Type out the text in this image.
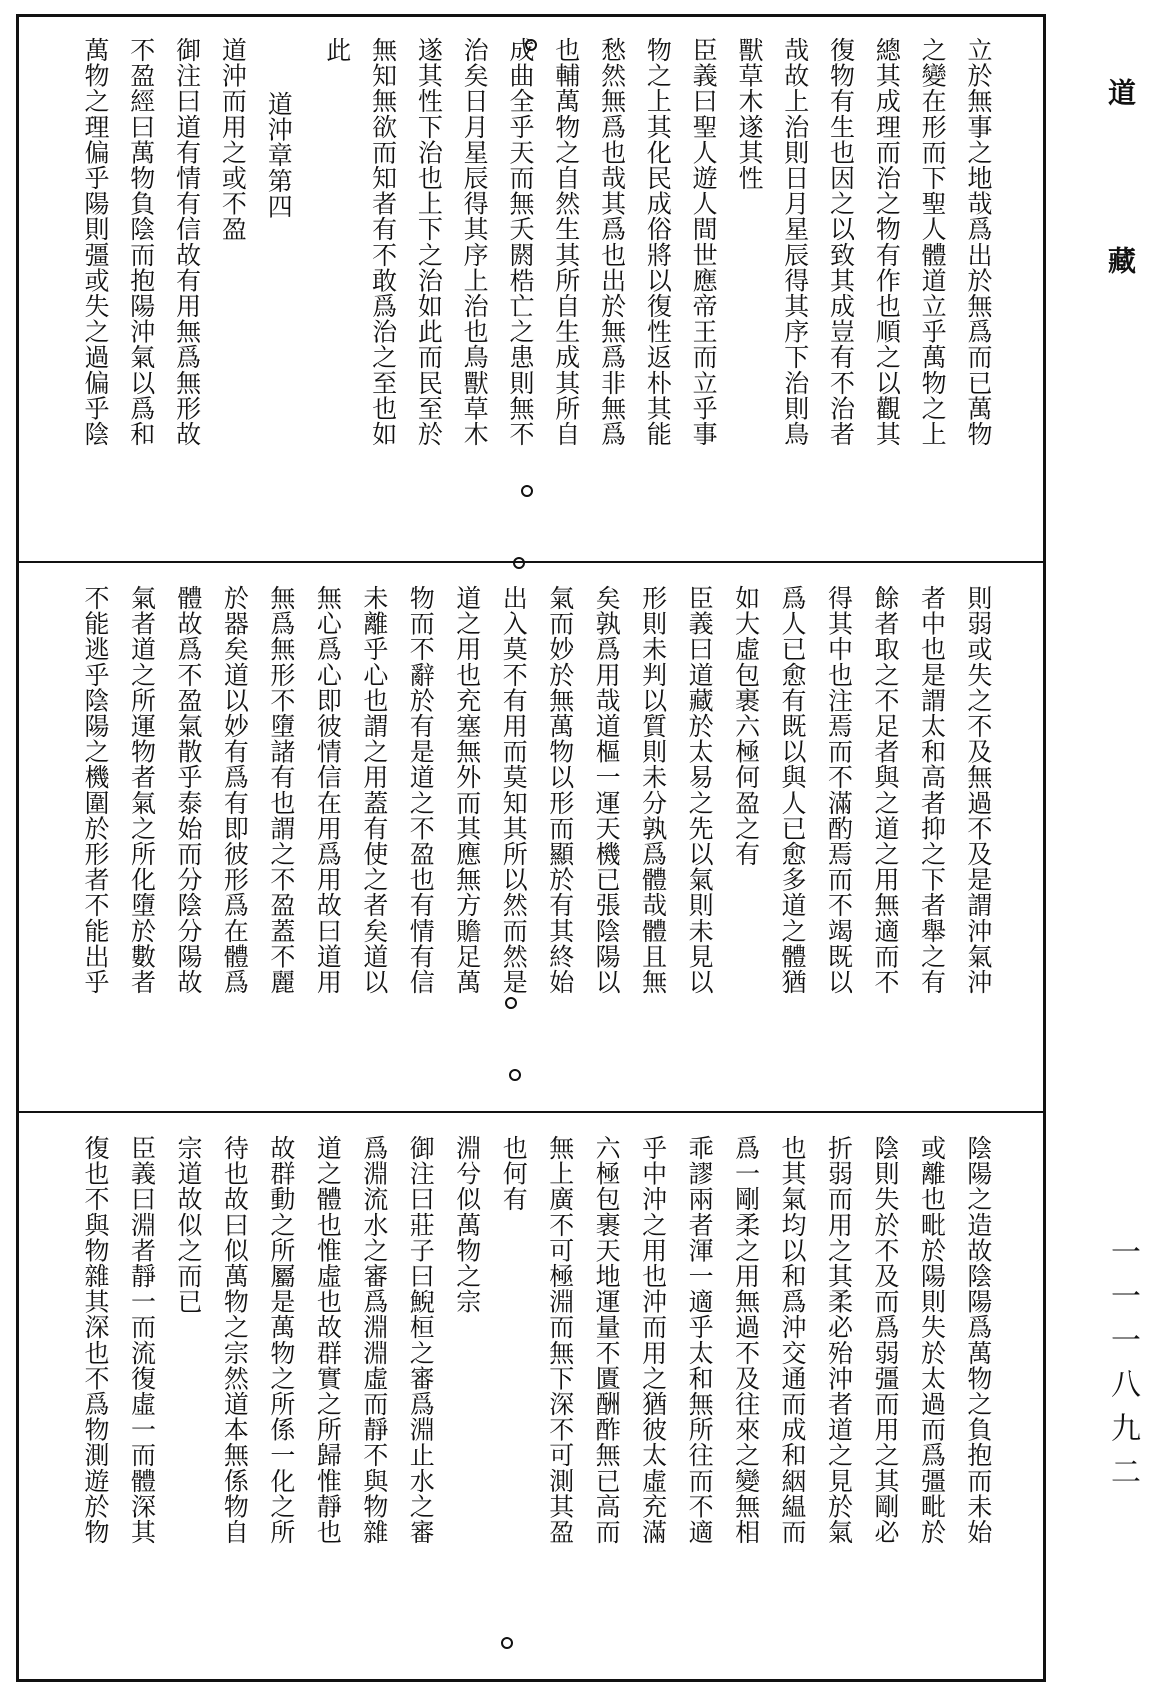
道藏
一一一八九二
立於無事之地哉爲出於無爲而已萬物
之變在形而下聖人體道立乎萬物之上
總其成理而治之物有作也順之以觀其
復物有生也因之以致其成豈有不治者
哉故上治則日月星辰得其序下治則鳥
獸草木遂其性
臣義曰聖人遊人間世應帝王而立乎事
物之上其化民成俗將以復性返朴其能
愁然無爲也哉其爲也出於無爲非無爲
也輔萬物之自然生其所自生成其所自
成曲全乎天而無夭閼梏亡之患則無不
治矣日月星辰得其序上治也鳥獸草木
遂其性下治也上下之治如此而民至於
無知無欲而知者有不敢爲治之至也如
此
道沖章第四
道沖而用之或不盈
御注曰道有情有信故有用無爲無形故
不盈經曰萬物負陰而抱陽沖氣以爲和
萬物之理偏乎陽則彊或失之過偏乎陰
則弱或失之不及無過不及是謂沖氣沖
者中也是謂太和高者抑之下者舉之有
餘者取之不足者與之道之用無適而不
得其中也注焉而不滿酌焉而不竭既以
爲人已愈有既以與人已愈多道之體猶
如大虛包裹六極何盈之有
臣義曰道藏於太易之先以氣則未見以
形則未判以質則未分孰爲體哉體且無
矣孰爲用哉道樞一運天機已張陰陽以
氣而妙於無萬物以形而顯於有其終始
出入莫不有用而莫知其所以然而然是
道之用也充塞無外而其應無方贍足萬
物而不辭於有是道之不盈也有情有信
未離乎心也謂之用蓋有使之者矣道以
無心爲心即彼情信在用爲用故曰道用
無爲無形不墮諸有也謂之不盈蓋不麗
於器矣道以妙有爲有即彼形爲在體爲
體故爲不盈氣散乎泰始而分陰分陽故
氣者道之所運物者氣之所化墮於數者
不能逃乎陰陽之機圍於形者不能出乎
陰陽之造故陰陽爲萬物之負抱而未始
或離也毗於陽則失於太過而爲彊毗於
陰則失於不及而爲弱彊而用之其剛必
折弱而用之其柔必殆沖者道之見於氣
也其氣均以和爲沖交通而成和絪緼而
爲一剛柔之用無過不及往來之變無相
乖謬兩者渾一適乎太和無所往而不適
乎中沖之用也沖而用之猶彼太虛充滿
六極包裹天地運量不匱酬酢無已高而
無上廣不可極淵而無下深不可測其盈
也何有
淵兮似萬物之宗
御注曰莊子曰鯢桓之審爲淵止水之審
爲淵流水之審爲淵淵虛而靜不與物雜
道之體也惟虛也故群實之所歸惟靜也
故群動之所屬是萬物之所係一化之所
待也故曰似萬物之宗然道本無係物自
宗道故似之而已
臣義曰淵者靜一而流復虛一而體深其
復也不與物雜其深也不爲物測遊於物
